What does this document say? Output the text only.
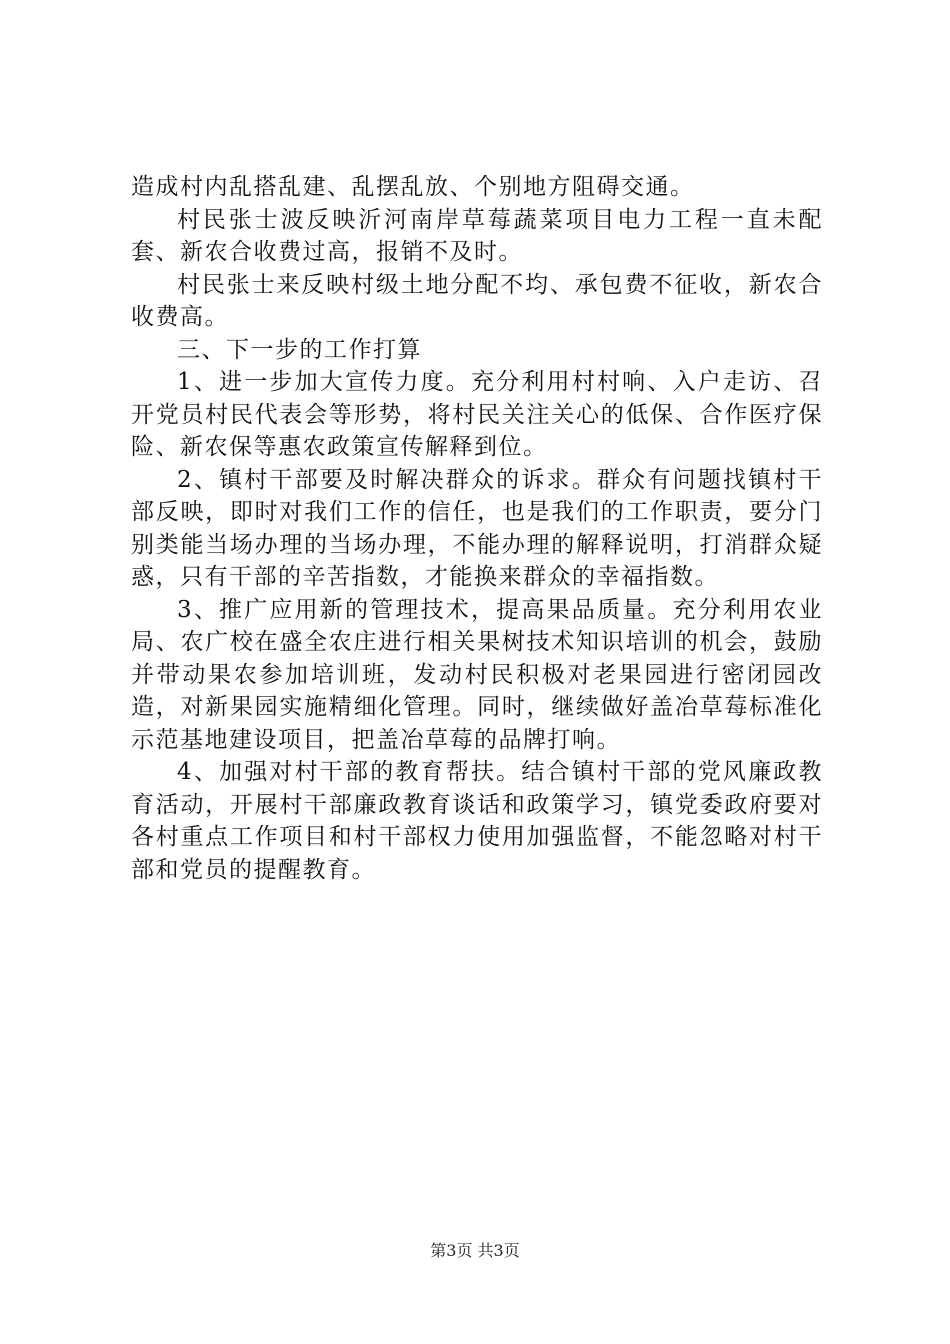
造成村内乱搭乱建、乱摆乱放、个别地方阻碍交通。

村民张士波反映沂河南岸草莓蔬菜项目电力工程一直未配套、新农合收费过高，报销不及时。

村民张士来反映村级土地分配不均、承包费不征收，新农合收费高。

三、下一步的工作打算

1、进一步加大宣传力度。充分利用村村响、入户走访、召开党员村民代表会等形势，将村民关注关心的低保、合作医疗保险、新农保等惠农政策宣传解释到位。

2、镇村干部要及时解决群众的诉求。群众有问题找镇村干部反映，即时对我们工作的信任，也是我们的工作职责，要分门别类能当场办理的当场办理，不能办理的解释说明，打消群众疑惑，只有干部的辛苦指数，才能换来群众的幸福指数。

3、推广应用新的管理技术，提高果品质量。充分利用农业局、农广校在盛全农庄进行相关果树技术知识培训的机会，鼓励并带动果农参加培训班，发动村民积极对老果园进行密闭园改造，对新果园实施精细化管理。同时，继续做好盖冶草莓标准化示范基地建设项目，把盖冶草莓的品牌打响。

4、加强对村干部的教育帮扶。结合镇村干部的党风廉政教育活动，开展村干部廉政教育谈话和政策学习，镇党委政府要对各村重点工作项目和村干部权力使用加强监督，不能忽略对村干部和党员的提醒教育。

第3页 共3页
